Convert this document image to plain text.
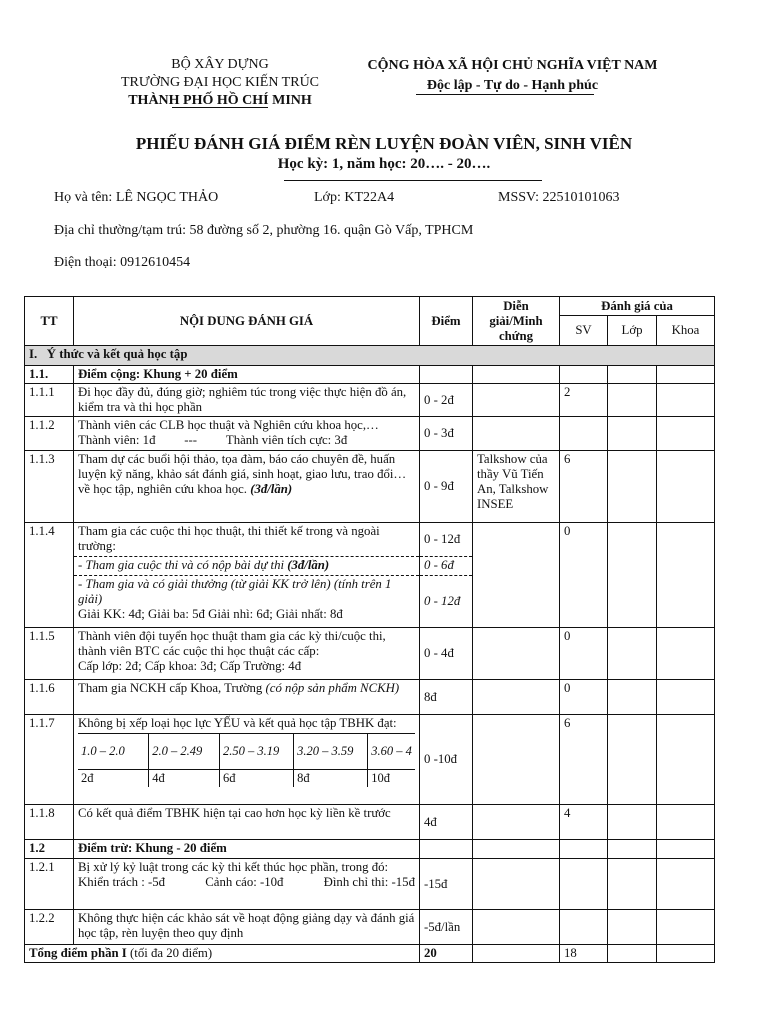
BỘ XÂY DỰNG
TRƯỜNG ĐẠI HỌC KIẾN TRÚC
THÀNH PHỐ HỒ CHÍ MINH
CỘNG HÒA XÃ HỘI CHỦ NGHĨA VIỆT NAM
Độc lập - Tự do - Hạnh phúc
PHIẾU ĐÁNH GIÁ ĐIỂM RÈN LUYỆN ĐOÀN VIÊN, SINH VIÊN
Học kỳ: 1, năm học: 20…. - 20….
Họ và tên: LÊ NGỌC THẢO	Lớp: KT22A4	MSSV: 22510101063
Địa chỉ thường/tạm trú: 58 đường số 2, phường 16. quận Gò Vấp, TPHCM
Điện thoại: 0912610454
TT	NỘI DUNG ĐÁNH GIÁ	Điểm	Diễn giải/Minh chứng	Đánh giá của
SV	Lớp	Khoa
I. Ý thức và kết quả học tập
1.1.	Điểm cộng: Khung + 20 điểm					
1.1.1	Đi học đầy đủ, đúng giờ; nghiêm túc trong việc thực hiện đồ án, kiểm tra và thi học phần	0 - 2đ		2		
1.1.2	Thành viên các CLB học thuật và Nghiên cứu khoa học,…
Thành viên: 1đ --- Thành viên tích cực: 3đ	0 - 3đ				
1.1.3	Tham dự các buổi hội thảo, tọa đàm, báo cáo chuyên đề, huấn luyện kỹ năng, khảo sát đánh giá, sinh hoạt, giao lưu, trao đổi… về học tập, nghiên cứu khoa học. (3đ/lần)	0 - 9đ	Talkshow của thầy Vũ Tiến An, Talkshow INSEE	6		
1.1.4	Tham gia các cuộc thi học thuật, thi thiết kế trong và ngoài trường:	0 - 12đ		0		
- Tham gia cuộc thi và có nộp bài dự thi (3đ/lần)	0 - 6đ

- Tham gia và có giải thưởng (từ giải KK trở lên) (tính trên 1 giải)
Giải KK: 4đ; Giải ba: 5đ Giải nhì: 6đ; Giải nhất: 8đ
	0 - 12đ
1.1.5	Thành viên đội tuyển học thuật tham gia các kỳ thi/cuộc thi, thành viên BTC các cuộc thi học thuật các cấp:
Cấp lớp: 2đ; Cấp khoa: 3đ; Cấp Trường: 4đ
	0 - 4đ		0		
1.1.6	Tham gia NCKH cấp Khoa, Trường (có nộp sản phẩm NCKH)	8đ		0		
1.1.7	Không bị xếp loại học lực YẾU và kết quả học tập TBHK đạt:
1.0 – 2.0	2.0 – 2.49	2.50 – 3.19	3.20 – 3.59	3.60 – 4
2đ	4đ	6đ	8đ	10đ
	0 -10đ		6		
1.1.8	Có kết quả điểm TBHK hiện tại cao hơn học kỳ liền kề trước	4đ		4		
1.2	Điểm trừ: Khung - 20 điểm					
1.2.1	Bị xử lý kỷ luật trong các kỳ thi kết thúc học phần, trong đó:
Khiển trách : -5đ	Cảnh cáo: -10đ	Đình chỉ thi: -15đ	-15đ				
1.2.2	Không thực hiện các khảo sát về hoạt động giảng dạy và đánh giá học tập, rèn luyện theo quy định	-5đ/lần				
Tổng điểm phần I (tối đa 20 điểm)	20		18		
